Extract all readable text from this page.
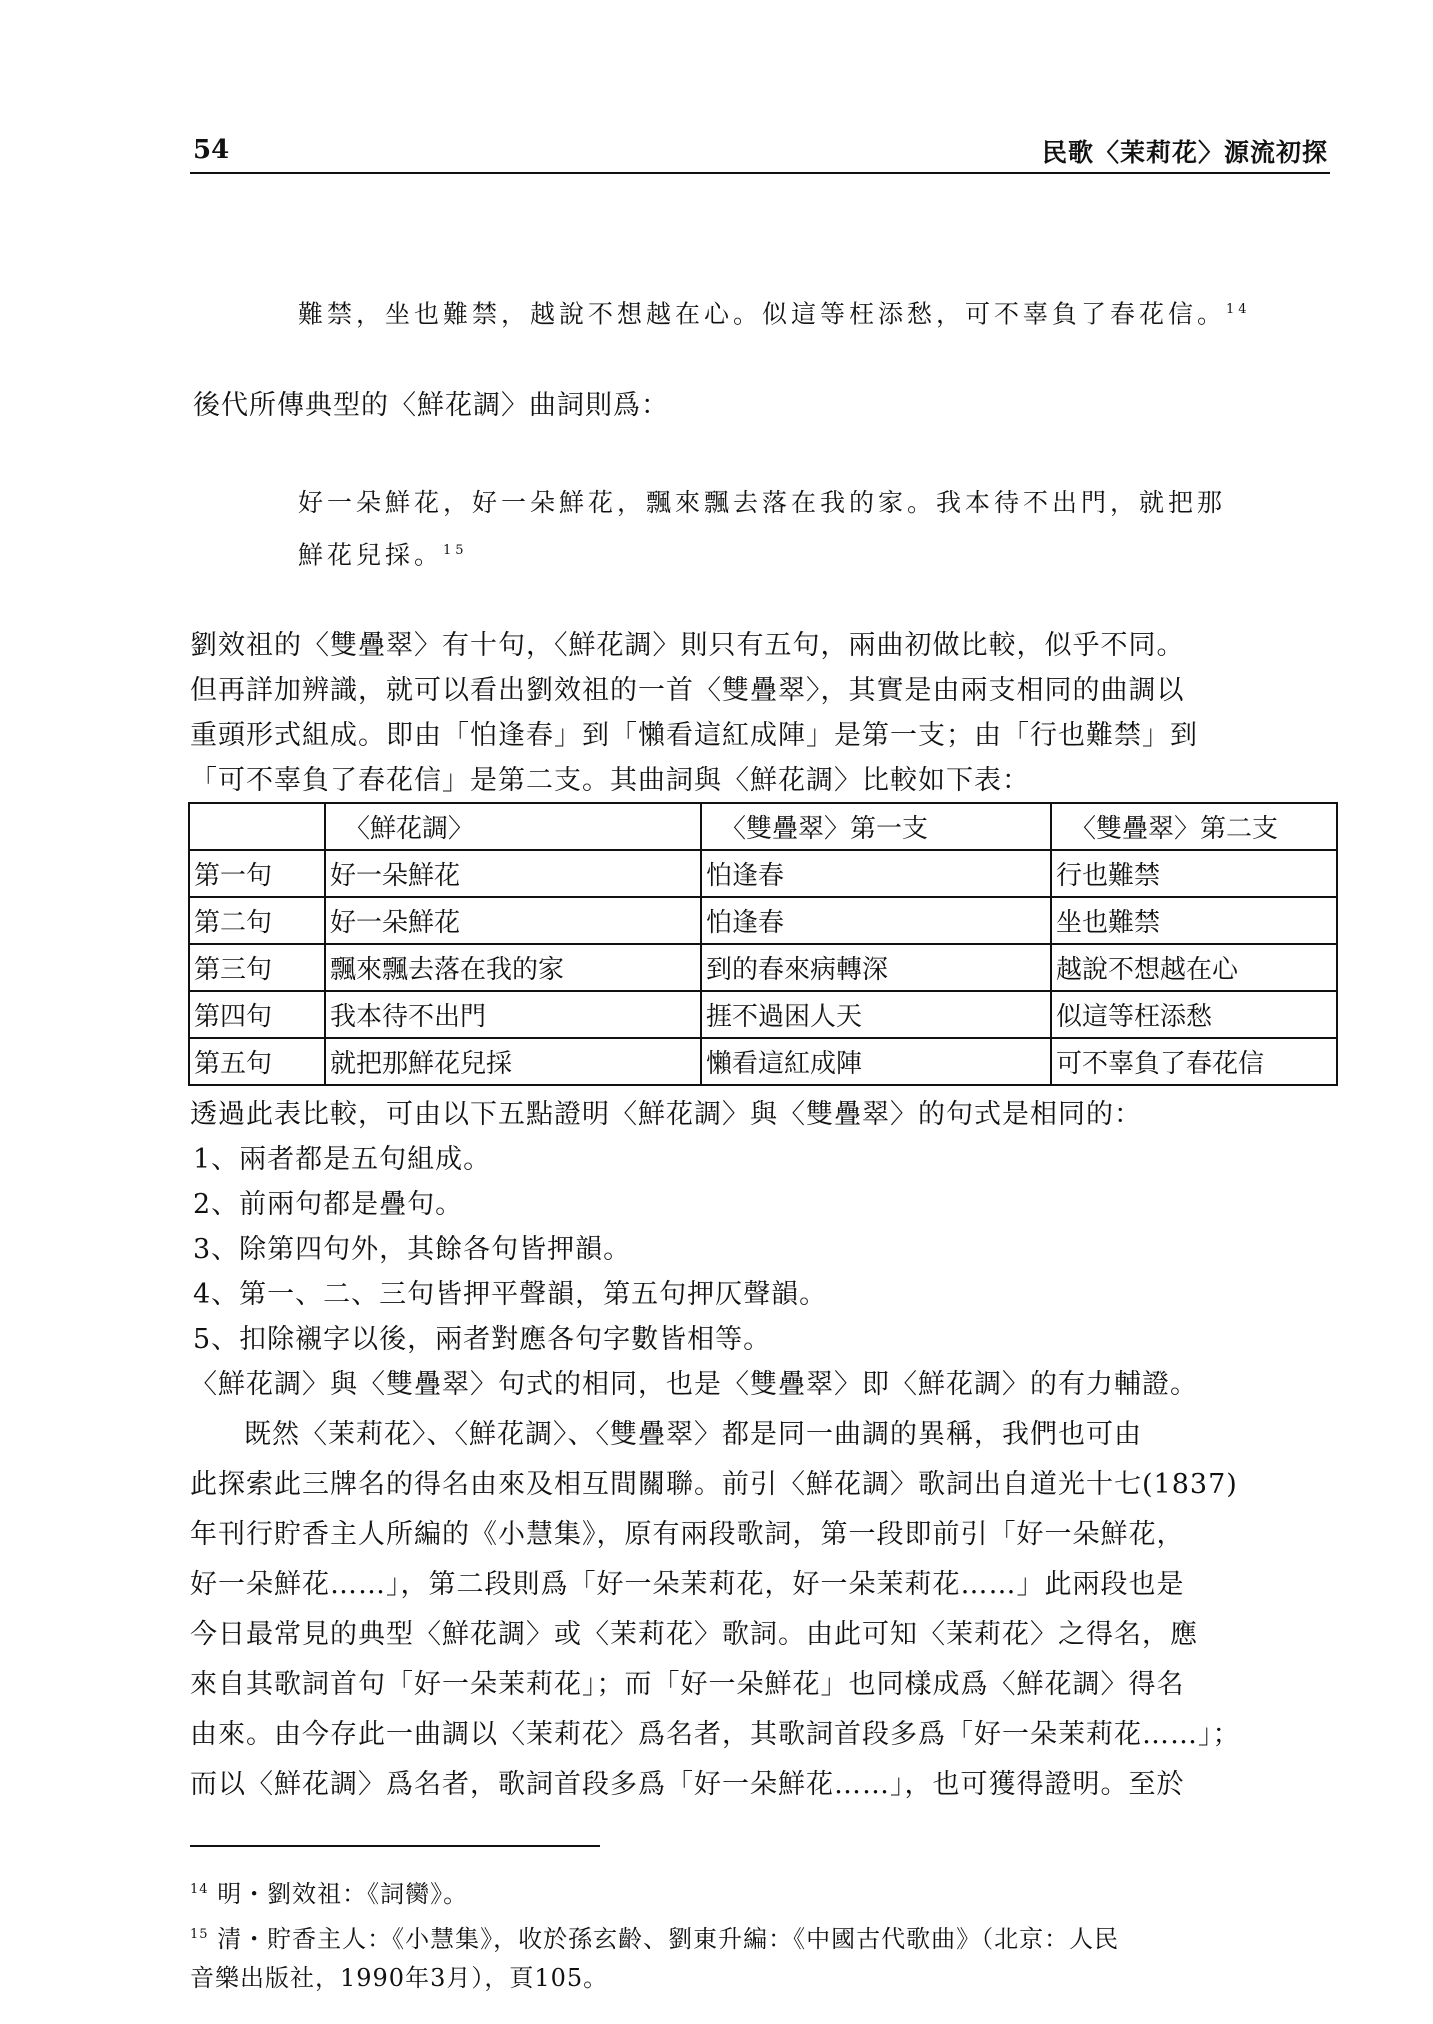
54	民歌〈茉莉花〉源流初探
難禁，坐也難禁，越說不想越在心。似這等枉添愁，可不辜負了春花信。$^{14}$
後代所傳典型的〈鮮花調〉曲詞則爲：
好一朵鮮花，好一朵鮮花，飄來飄去落在我的家。我本待不出門，就把那
鮮花兒採。$^{15}$
劉效祖的〈雙疊翠〉有十句，〈鮮花調〉則只有五句，兩曲初做比較，似乎不同。
但再詳加辨識，就可以看出劉效祖的一首〈雙疊翠〉，其實是由兩支相同的曲調以
重頭形式組成。即由「怕逢春」到「懶看這紅成陣」是第一支；由「行也難禁」到
「可不辜負了春花信」是第二支。其曲詞與〈鮮花調〉比較如下表：
	〈鮮花調〉	〈雙疊翠〉第一支	〈雙疊翠〉第二支
第一句	好一朵鮮花	怕逢春	行也難禁
第二句	好一朵鮮花	怕逢春	坐也難禁
第三句	飄來飄去落在我的家	到的春來病轉深	越說不想越在心
第四句	我本待不出門	捱不過困人天	似這等枉添愁
第五句	就把那鮮花兒採	懶看這紅成陣	可不辜負了春花信
透過此表比較，可由以下五點證明〈鮮花調〉與〈雙疊翠〉的句式是相同的：
1、兩者都是五句組成。
2、前兩句都是疊句。
3、除第四句外，其餘各句皆押韻。
4、第一、二、三句皆押平聲韻，第五句押仄聲韻。
5、扣除襯字以後，兩者對應各句字數皆相等。
〈鮮花調〉與〈雙疊翠〉句式的相同，也是〈雙疊翠〉即〈鮮花調〉的有力輔證。
既然〈茉莉花〉、〈鮮花調〉、〈雙疊翠〉都是同一曲調的異稱，我們也可由
此探索此三牌名的得名由來及相互間關聯。前引〈鮮花調〉歌詞出自道光十七(1837)
年刊行貯香主人所編的《小慧集》，原有兩段歌詞，第一段即前引「好一朵鮮花，
好一朵鮮花……」，第二段則爲「好一朵茉莉花，好一朵茉莉花……」此兩段也是
今日最常見的典型〈鮮花調〉或〈茉莉花〉歌詞。由此可知〈茉莉花〉之得名，應
來自其歌詞首句「好一朵茉莉花」；而「好一朵鮮花」也同樣成爲〈鮮花調〉得名
由來。由今存此一曲調以〈茉莉花〉爲名者，其歌詞首段多爲「好一朵茉莉花……」；
而以〈鮮花調〉爲名者，歌詞首段多爲「好一朵鮮花……」，也可獲得證明。至於
$^{14}$ 明・劉效祖：《詞臠》。
$^{15}$ 清・貯香主人：《小慧集》，收於孫玄齡、劉東升編：《中國古代歌曲》（北京：人民
音樂出版社，1990年3月），頁105。
